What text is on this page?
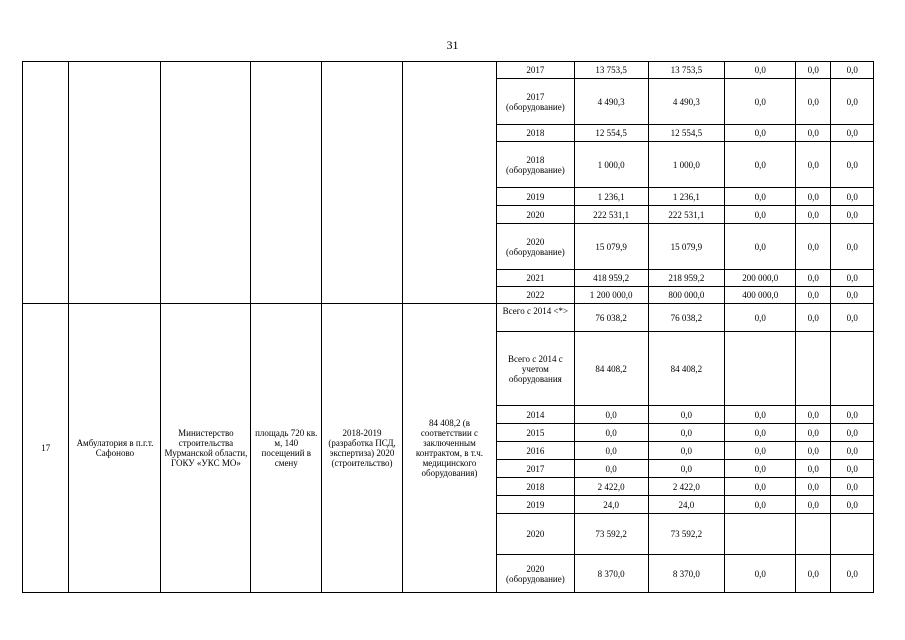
31
						2017	13 753,5	13 753,5	0,0	0,0	0,0
						2017 (оборудование)	4 490,3	4 490,3	0,0	0,0	0,0
						2018	12 554,5	12 554,5	0,0	0,0	0,0
						2018 (оборудование)	1 000,0	1 000,0	0,0	0,0	0,0
						2019	1 236,1	1 236,1	0,0	0,0	0,0
						2020	222 531,1	222 531,1	0,0	0,0	0,0
						2020 (оборудование)	15 079,9	15 079,9	0,0	0,0	0,0
						2021	418 959,2	218 959,2	200 000,0	0,0	0,0
						2022	1 200 000,0	800 000,0	400 000,0	0,0	0,0
17	Амбулатория в п.г.т. Сафоново	Министерство строительства Мурманской области, ГОКУ «УКС МО»	площадь 720 кв. м, 140 посещений в смену	2018-2019 (разработка ПСД, экспертиза) 2020 (строительство)	84 408,2 (в соответствии с заключенным контрактом, в т.ч. медицинского оборудования)	Всего с 2014 <*>	76 038,2	76 038,2	0,0	0,0	0,0
						Всего с 2014 с учетом оборудования	84 408,2	84 408,2			
						2014	0,0	0,0	0,0	0,0	0,0
						2015	0,0	0,0	0,0	0,0	0,0
						2016	0,0	0,0	0,0	0,0	0,0
						2017	0,0	0,0	0,0	0,0	0,0
						2018	2 422,0	2 422,0	0,0	0,0	0,0
						2019	24,0	24,0	0,0	0,0	0,0
						2020	73 592,2	73 592,2			
						2020 (оборудование)	8 370,0	8 370,0	0,0	0,0	0,0
